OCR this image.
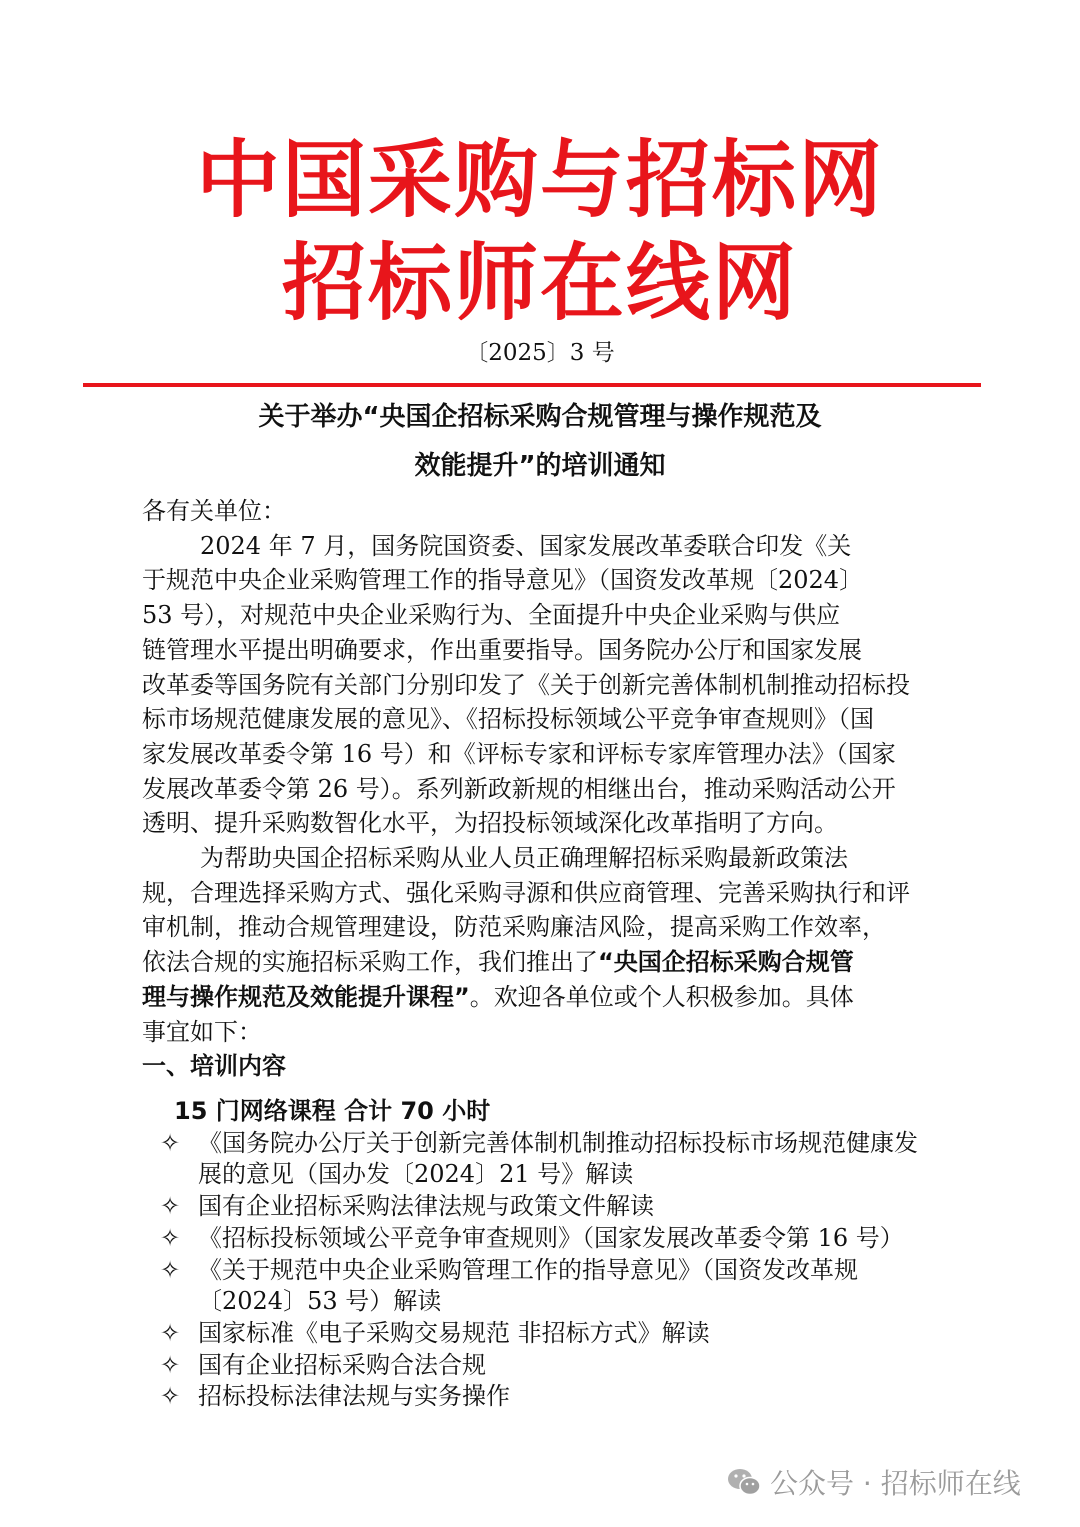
中国采购与招标网
招标师在线网
〔2025〕3 号
关于举办“央国企招标采购合规管理与操作规范及
效能提升”的培训通知
各有关单位：
2024 年 7 月，国务院国资委、国家发展改革委联合印发《关
于规范中央企业采购管理工作的指导意见》（国资发改革规〔2024〕
53 号），对规范中央企业采购行为、全面提升中央企业采购与供应
链管理水平提出明确要求，作出重要指导。国务院办公厅和国家发展
改革委等国务院有关部门分别印发了《关于创新完善体制机制推动招标投
标市场规范健康发展的意见》、《招标投标领域公平竞争审查规则》（国
家发展改革委令第 16 号）和《评标专家和评标专家库管理办法》（国家
发展改革委令第 26 号）。系列新政新规的相继出台，推动采购活动公开
透明、提升采购数智化水平，为招投标领域深化改革指明了方向。
为帮助央国企招标采购从业人员正确理解招标采购最新政策法
规，合理选择采购方式、强化采购寻源和供应商管理、完善采购执行和评
审机制，推动合规管理建设，防范采购廉洁风险，提高采购工作效率，
依法合规的实施招标采购工作，我们推出了“央国企招标采购合规管
理与操作规范及效能提升课程”。欢迎各单位或个人积极参加。具体
事宜如下：
一、培训内容
15 门网络课程 合计 70 小时
✧ 《国务院办公厅关于创新完善体制机制推动招标投标市场规范健康发
展的意见（国办发〔2024〕21 号》解读
✧ 国有企业招标采购法律法规与政策文件解读
✧ 《招标投标领域公平竞争审查规则》（国家发展改革委令第 16 号）
✧ 《关于规范中央企业采购管理工作的指导意见》（国资发改革规
〔2024〕53 号）解读
✧ 国家标准《电子采购交易规范 非招标方式》解读
✧ 国有企业招标采购合法合规
✧ 招标投标法律法规与实务操作
公众号 · 招标师在线
